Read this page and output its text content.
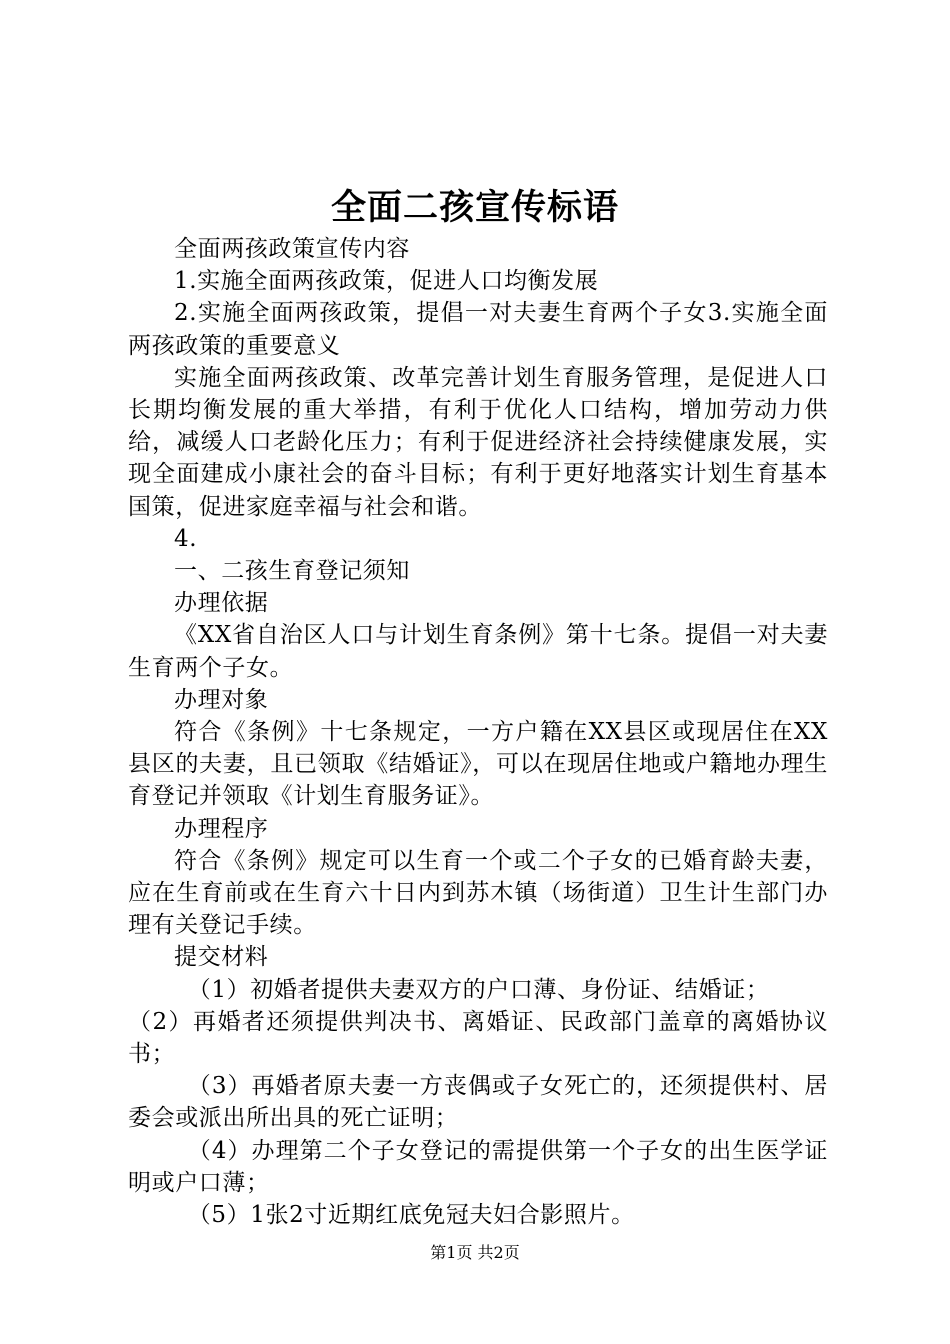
全面二孩宣传标语

全面两孩政策宣传内容

1.实施全面两孩政策，促进人口均衡发展

2.实施全面两孩政策，提倡一对夫妻生育两个子女3.实施全面两孩政策的重要意义

实施全面两孩政策、改革完善计划生育服务管理，是促进人口长期均衡发展的重大举措，有利于优化人口结构，增加劳动力供给，减缓人口老龄化压力；有利于促进经济社会持续健康发展，实现全面建成小康社会的奋斗目标；有利于更好地落实计划生育基本国策，促进家庭幸福与社会和谐。

4.

一、二孩生育登记须知

办理依据

《XX省自治区人口与计划生育条例》第十七条。提倡一对夫妻生育两个子女。

办理对象

符合《条例》十七条规定，一方户籍在XX县区或现居住在XX县区的夫妻，且已领取《结婚证》，可以在现居住地或户籍地办理生育登记并领取《计划生育服务证》。

办理程序

符合《条例》规定可以生育一个或二个子女的已婚育龄夫妻，应在生育前或在生育六十日内到苏木镇（场街道）卫生计生部门办理有关登记手续。

提交材料

（1）初婚者提供夫妻双方的户口薄、身份证、结婚证；

（2）再婚者还须提供判决书、离婚证、民政部门盖章的离婚协议书；

（3）再婚者原夫妻一方丧偶或子女死亡的，还须提供村、居委会或派出所出具的死亡证明；

（4）办理第二个子女登记的需提供第一个子女的出生医学证明或户口薄；

（5）1张2寸近期红底免冠夫妇合影照片。

第1页 共2页
